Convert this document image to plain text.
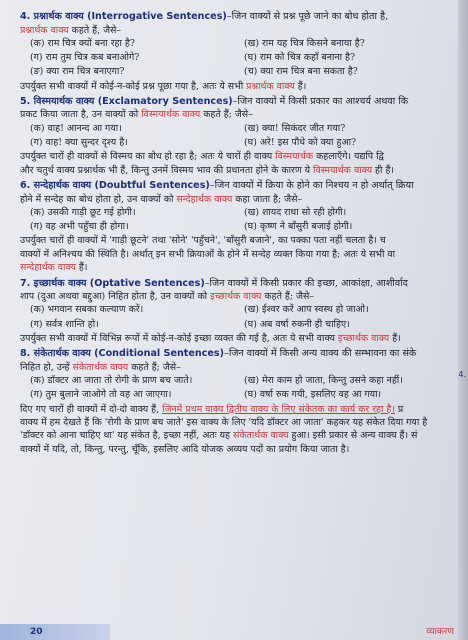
4. प्रश्नार्थक वाक्य (Interrogative Sentences)–जिन वाक्यों से प्रश्न पूछे जाने का बोध होता है,

प्रश्नार्थक वाक्य कहते हैं, जैसे–

(क) राम चित्र क्यों बना रहा है?	(ख) राम यह चित्र किसने बनाया है?
(ग) राम तुम चित्र कब बनाओगे?	(घ) राम को चित्र कहाँ बनाना है?
(ङ) क्या राम चित्र बनाएगा?	(च) क्या राम चित्र बना सकता है?

उपर्युक्त सभी वाक्यों में कोई-न-कोई प्रश्न पूछा गया है, अतः ये सभी प्रश्नार्थक वाक्य हैं।

5. विस्मयार्थक वाक्य (Exclamatory Sentences)–जिन वाक्यों में किसी प्रकार का आश्चर्य अथवा कि

प्रकट किया जाता है, उन वाक्यों को विस्मयार्थक वाक्य कहते हैं; जैसे–

(क) वाह! आनन्द आ गया।	(ख) क्या! सिकंदर जीत गया?
(ग) वाह! क्या सुन्दर दृश्य है।	(घ) अरे! इस पौधे को क्या हुआ?

उपर्युक्त चारों ही वाक्यों से विस्मय का बोध हो रहा है; अतः ये चारों ही वाक्य विस्मयार्थक कहलाएँगे। यद्यपि द्वि

और चतुर्थ वाक्य प्रश्नार्थक भी हैं, किन्तु उनमें विस्मय भाव की प्रधानता होने के कारण ये विस्मयार्थक वाक्य ही हैं।

6. सन्देहार्थक वाक्य (Doubtful Sentences)–जिन वाक्यों में क्रिया के होने का निश्चय न हो अर्थात् क्रिया

होने में सन्देह का बोध होता हो, उन वाक्यों को सन्देहार्थक वाक्य कहा जाता है; जैसे–

(क) उसकी गाड़ी छूट गई होगी।	(ख) शायद राधा सो रही होगी।
(ग) वह अभी पहुँचा ही होगा।	(घ) कृष्ण ने बाँसुरी बजाई होगी।

उपर्युक्त चारों ही वाक्यों में 'गाड़ी छूटने' तथा 'सोने' 'पहुँचने', 'बाँसुरी बजाने', का पक्का पता नहीं चलता है। च

वाक्यों में अनिश्चय की स्थिति है। अर्थात् इन सभी क्रियाओं के होने में सन्देह व्यक्त किया गया है; अतः ये सभी वा

सन्देहार्थक वाक्य हैं।

7. इच्छार्थक वाक्य (Optative Sentences)–जिन वाक्यों में किसी प्रकार की इच्छा, आकांक्षा, आशीर्वाद

शाप (दुआ अथवा बद्दुआ) निहित होता है, उन वाक्यों को इच्छार्थक वाक्य कहते हैं; जैसे–

(क) भगवान सबका कल्याण करें।	(ख) ईश्वर करें आप स्वस्थ हो जाओ।
(ग) सर्वत्र शान्ति हो।	(घ) अब वर्षा रुकनी ही चाहिए।

उपर्युक्त सभी वाक्यों में विभिन्न रूपों में कोई-न-कोई इच्छा व्यक्त की गई है, अतः ये सभी वाक्य इच्छार्थक वाक्य हैं।

8. संकेतार्थक वाक्य (Conditional Sentences)–जिन वाक्यों में किसी अन्य वाक्य की सम्भावना का संके

निहित हो, उन्हें संकेतार्थक वाक्य कहते हैं; जैसे–

(क) डॉक्टर आ जाता तो रोगी के प्राण बच जाते।	(ख) मेरा काम हो जाता, किन्तु उसने कहा नहीं।
(ग) तुम बुलाने जाओगे तो वह आ जाएगा।	(घ) वर्षा रुक गयी, इसलिए वह आ गया।

दिए गए चारों ही वाक्यों में दो-दो वाक्य हैं, जिनमें प्रथम वाक्य द्वितीय वाक्य के लिए संकेतक का कार्य कर रहा है। प्र

वाक्य में हम देखते हैं कि 'रोगी के प्राण बच जाते' इस वाक्य के लिए 'यदि डॉक्टर आ जाता' कहकर यह संकेत दिया गया है

'डॉक्टर को आना चाहिए था' यह संकेत है, इच्छा नहीं, अतः यह संकेतार्थक वाक्य हुआ। इसी प्रकार से अन्य वाक्य हैं। सं

वाक्यों में यदि, तो, किन्तु, परन्तु, चूँकि, इसलिए आदि योजक अव्यय पदों का प्रयोग किया जाता है।

4.
20	व्याकरण
